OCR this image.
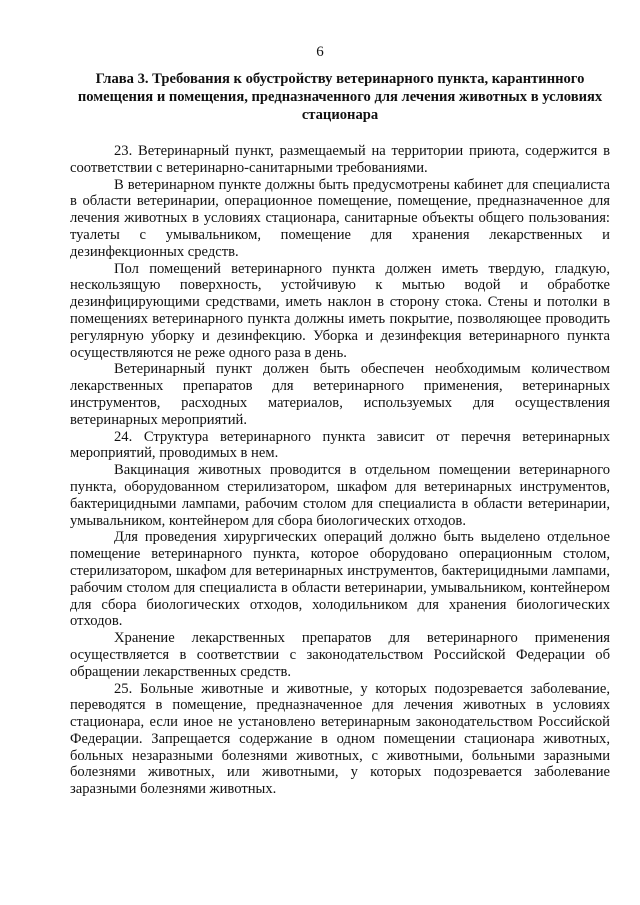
6
Глава 3. Требования к обустройству ветеринарного пункта, карантинного помещения и помещения, предназначенного для лечения животных в условиях стационара

23. Ветеринарный пункт, размещаемый на территории приюта, содержится в соответствии с ветеринарно-санитарными требованиями.

В ветеринарном пункте должны быть предусмотрены кабинет для специалиста в области ветеринарии, операционное помещение, помещение, предназначенное для лечения животных в условиях стационара, санитарные объекты общего пользования: туалеты с умывальником, помещение для хранения лекарственных и дезинфекционных средств.

Пол помещений ветеринарного пункта должен иметь твердую, гладкую, нескользящую поверхность, устойчивую к мытью водой и обработке дезинфицирующими средствами, иметь наклон в сторону стока. Стены и потолки в помещениях ветеринарного пункта должны иметь покрытие, позволяющее проводить регулярную уборку и дезинфекцию. Уборка и дезинфекция ветеринарного пункта осуществляются не реже одного раза в день.

Ветеринарный пункт должен быть обеспечен необходимым количеством лекарственных препаратов для ветеринарного применения, ветеринарных инструментов, расходных материалов, используемых для осуществления ветеринарных мероприятий.

24. Структура ветеринарного пункта зависит от перечня ветеринарных мероприятий, проводимых в нем.

Вакцинация животных проводится в отдельном помещении ветеринарного пункта, оборудованном стерилизатором, шкафом для ветеринарных инструментов, бактерицидными лампами, рабочим столом для специалиста в области ветеринарии, умывальником, контейнером для сбора биологических отходов.

Для проведения хирургических операций должно быть выделено отдельное помещение ветеринарного пункта, которое оборудовано операционным столом, стерилизатором, шкафом для ветеринарных инструментов, бактерицидными лампами, рабочим столом для специалиста в области ветеринарии, умывальником, контейнером для сбора биологических отходов, холодильником для хранения биологических отходов.

Хранение лекарственных препаратов для ветеринарного применения осуществляется в соответствии с законодательством Российской Федерации об обращении лекарственных средств.

25. Больные животные и животные, у которых подозревается заболевание, переводятся в помещение, предназначенное для лечения животных в условиях стационара, если иное не установлено ветеринарным законодательством Российской Федерации. Запрещается содержание в одном помещении стационара животных, больных незаразными болезнями животных, с животными, больными заразными болезнями животных, или животными, у которых подозревается заболевание заразными болезнями животных.
